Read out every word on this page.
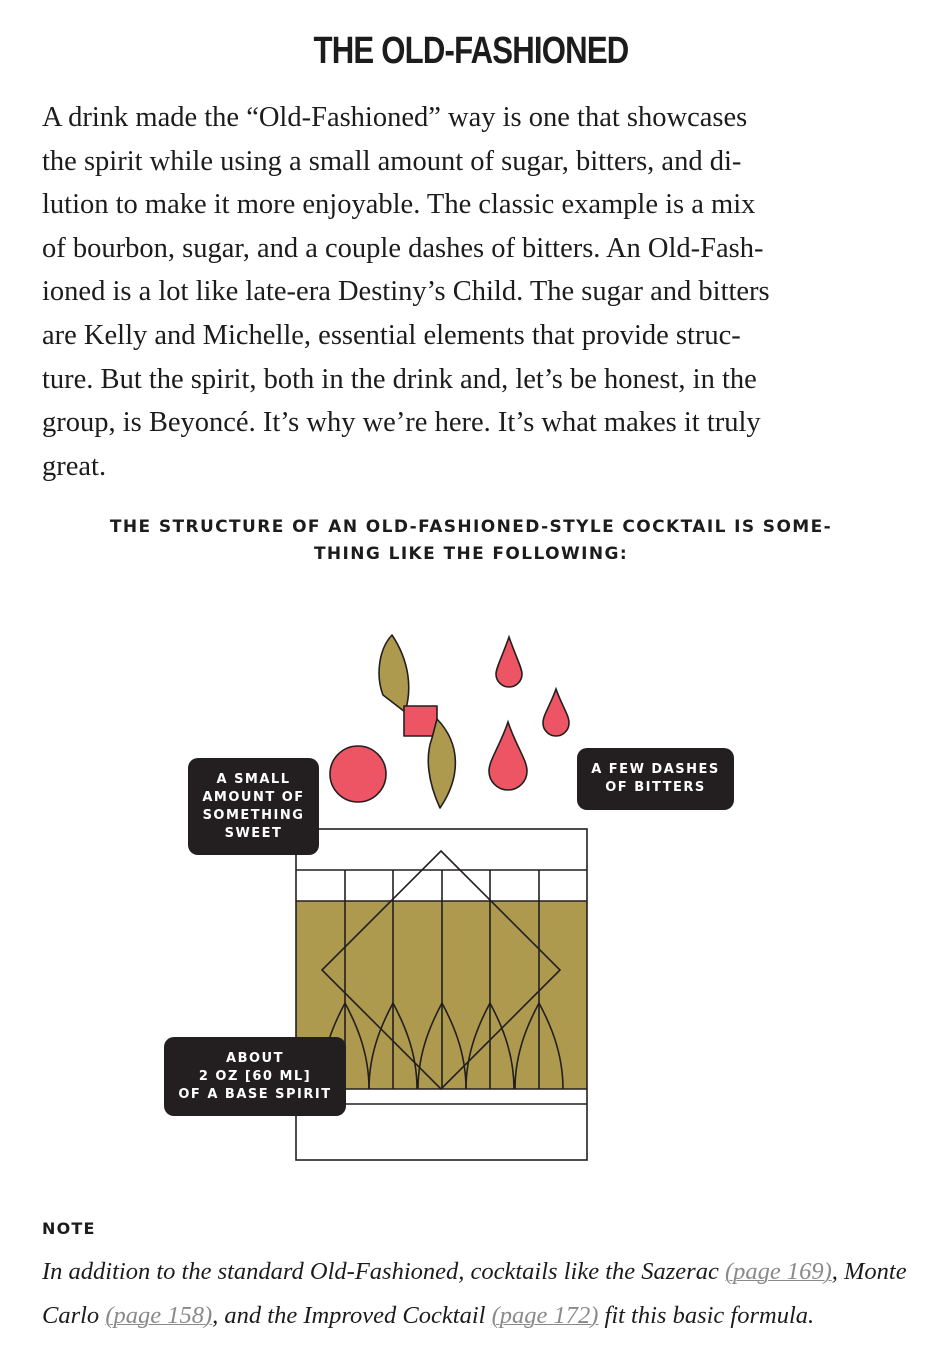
THE OLD-FASHIONED
A drink made the “Old-Fashioned” way is one that showcases
the spirit while using a small amount of sugar, bitters, and di-
lution to make it more enjoyable. The classic example is a mix
of bourbon, sugar, and a couple dashes of bitters. An Old-Fash-
ioned is a lot like late-era Destiny’s Child. The sugar and bitters
are Kelly and Michelle, essential elements that provide struc-
ture. But the spirit, both in the drink and, let’s be honest, in the
group, is Beyoncé. It’s why we’re here. It’s what makes it truly
great.
THE STRUCTURE OF AN OLD-FASHIONED-STYLE COCKTAIL IS SOME-
THING LIKE THE FOLLOWING:
A SMALL
AMOUNT OF
SOMETHING
SWEET
A FEW DASHES
OF BITTERS
ABOUT
2 OZ [60 ML]
OF A BASE SPIRIT
NOTE

In addition to the standard Old-Fashioned, cocktails like the Sazerac (page 169), Monte
Carlo (page 158), and the Improved Cocktail (page 172) fit this basic formula.
